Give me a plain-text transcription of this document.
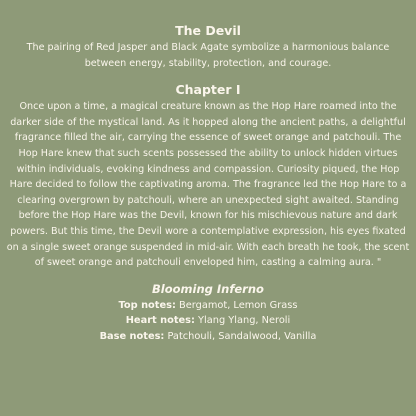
The Devil

The pairing of Red Jasper and Black Agate symbolize a harmonious balance between energy, stability, protection, and courage.

Chapter I

Once upon a time, a magical creature known as the Hop Hare roamed into the darker side of the mystical land. As it hopped along the ancient paths, a delightful fragrance filled the air, carrying the essence of sweet orange and patchouli. The Hop Hare knew that such scents possessed the ability to unlock hidden virtues within individuals, evoking kindness and compassion. Curiosity piqued, the Hop Hare decided to follow the captivating aroma. The fragrance led the Hop Hare to a clearing overgrown by patchouli, where an unexpected sight awaited. Standing before the Hop Hare was the Devil, known for his mischievous nature and dark powers. But this time, the Devil wore a contemplative expression, his eyes fixated on a single sweet orange suspended in mid-air. With each breath he took, the scent of sweet orange and patchouli enveloped him, casting a calming aura. "

Blooming Inferno

Top notes: Bergamot, Lemon Grass

Heart notes: Ylang Ylang, Neroli

Base notes: Patchouli, Sandalwood, Vanilla
